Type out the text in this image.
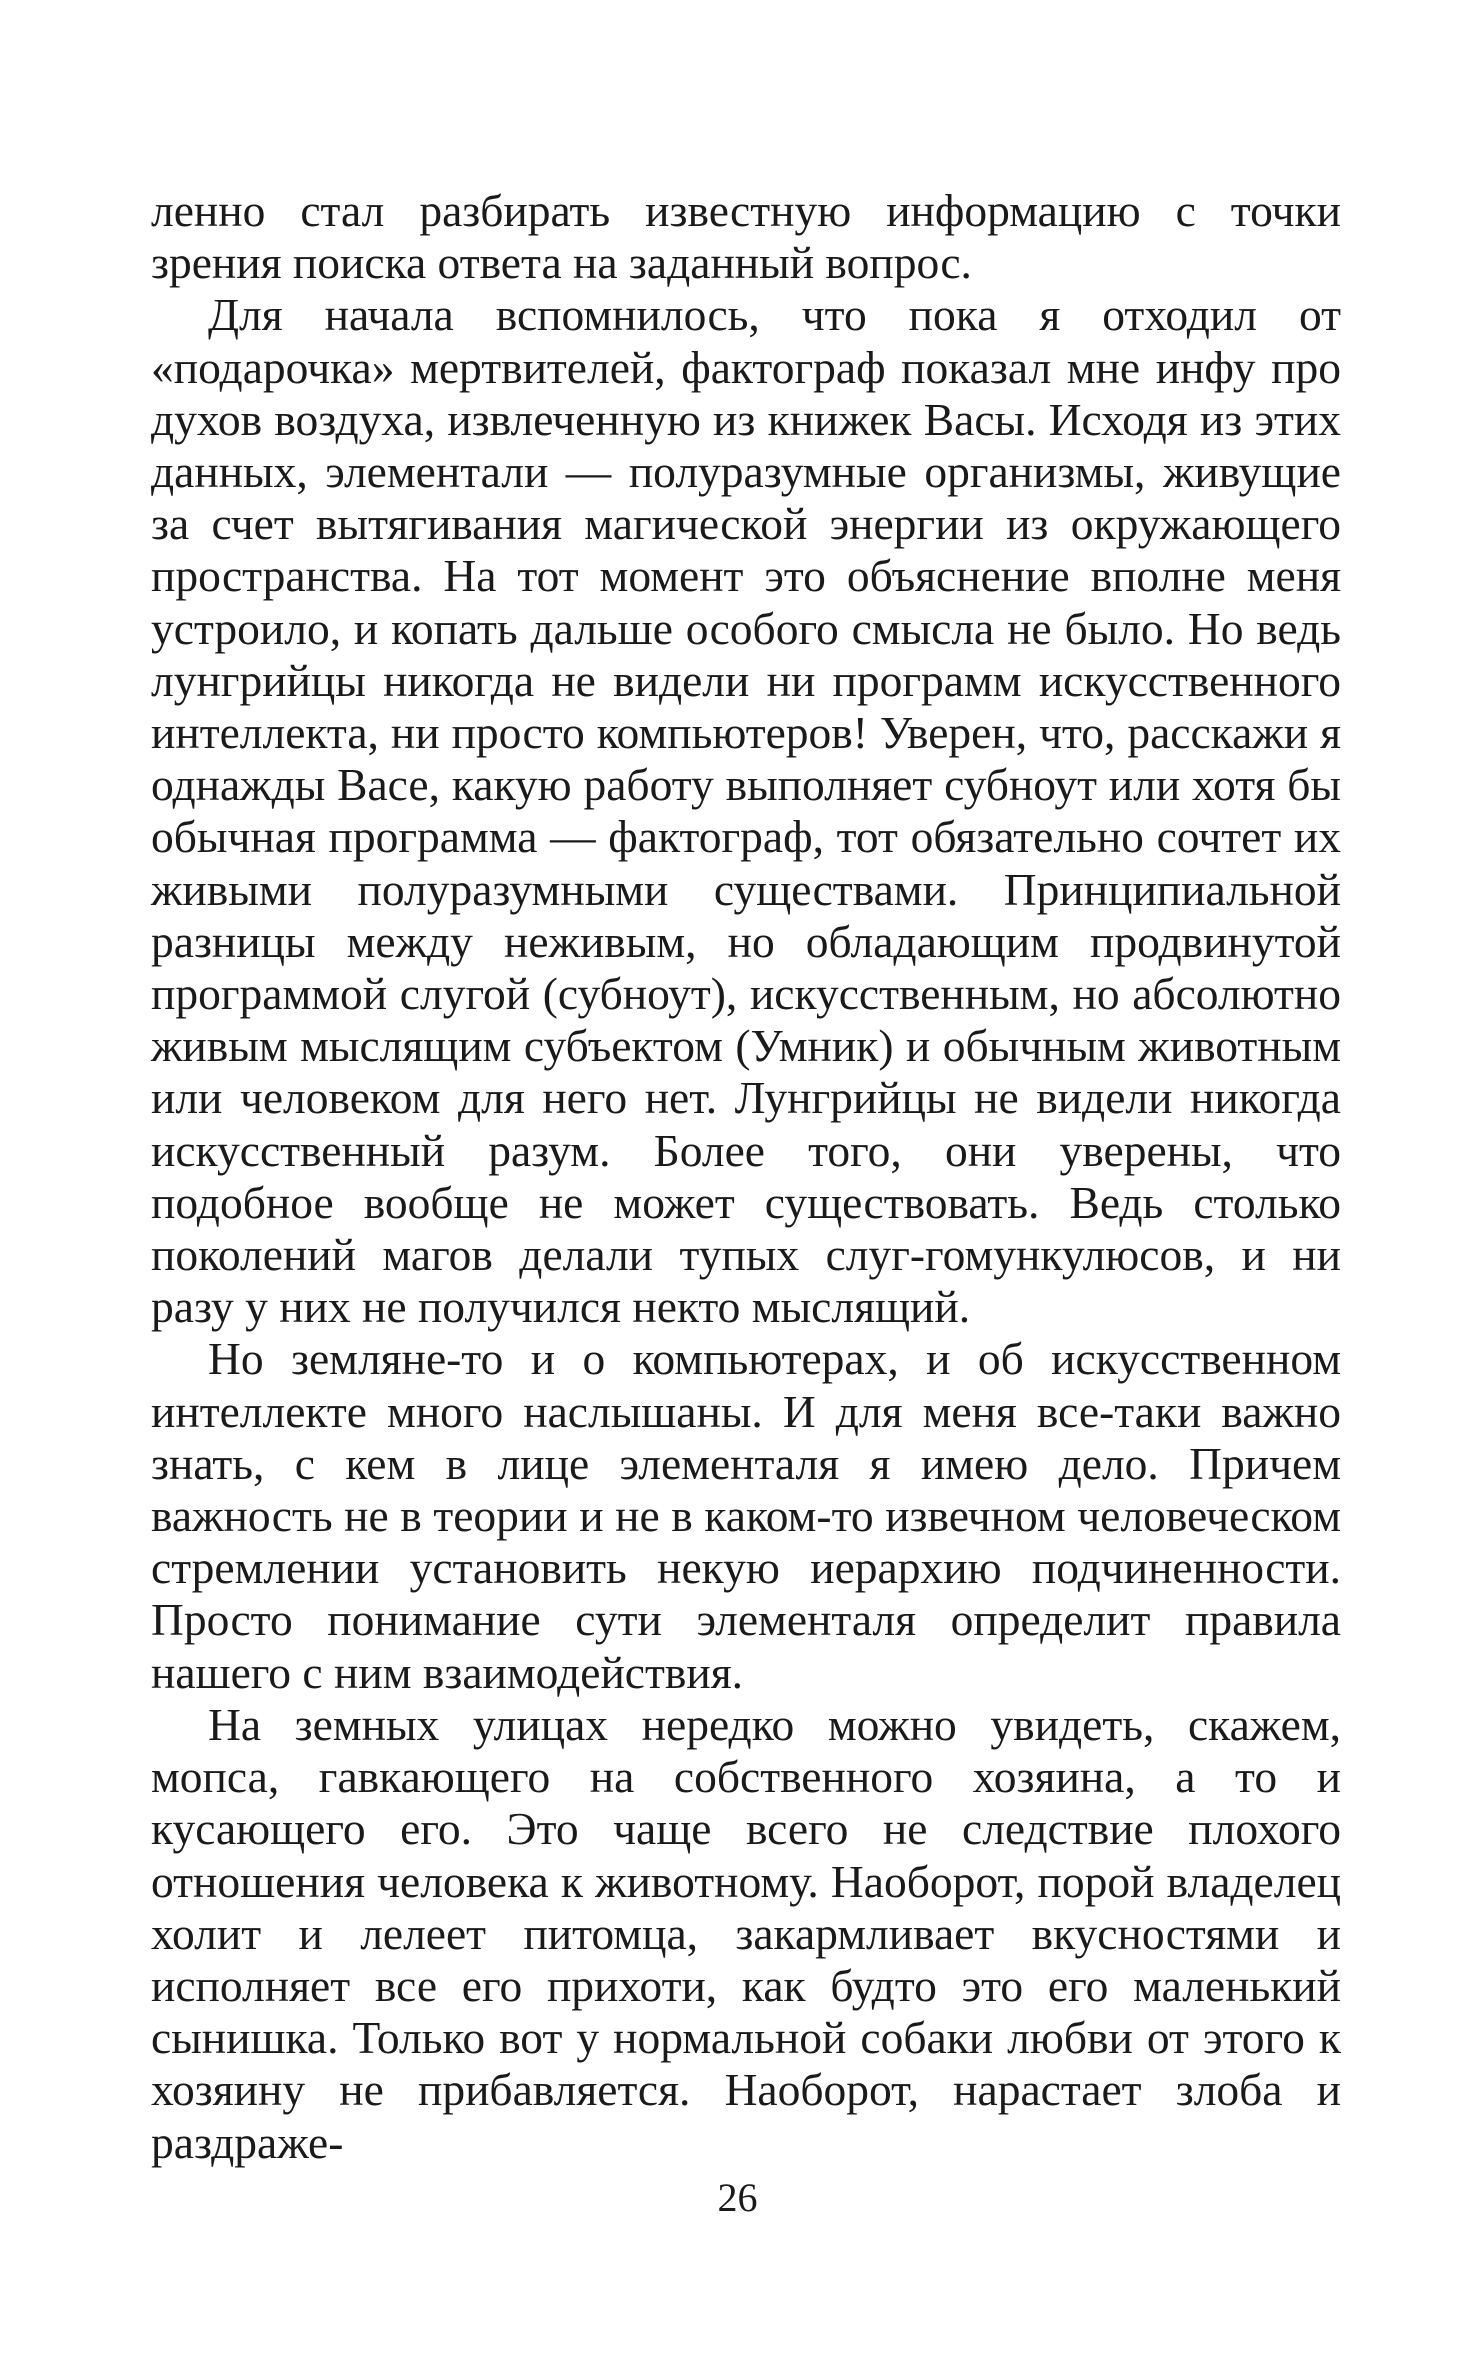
ленно стал разбирать известную информацию с точки зрения поиска ответа на заданный вопрос.

Для начала вспомнилось, что пока я отходил от «подарочка» мертвителей, фактограф показал мне инфу про духов воздуха, извлеченную из книжек Васы. Исходя из этих данных, элементали — полуразумные организмы, живущие за счет вытягивания магической энергии из окружающего пространства. На тот момент это объяснение вполне меня устроило, и копать дальше особого смысла не было. Но ведь лунгрийцы никогда не видели ни программ искусственного интеллекта, ни просто компьютеров! Уверен, что, расскажи я однажды Васе, какую работу выполняет субноут или хотя бы обычная программа — фактограф, тот обязательно сочтет их живыми полуразумными существами. Принципиальной разницы между неживым, но обладающим продвинутой программой слугой (субноут), искусственным, но абсолютно живым мыслящим субъектом (Умник) и обычным животным или человеком для него нет. Лунгрийцы не видели никогда искусственный разум. Более того, они уверены, что подобное вообще не может существовать. Ведь столько поколений магов делали тупых слуг-гомункулюсов, и ни разу у них не получился некто мыслящий.

Но земляне-то и о компьютерах, и об искусственном интеллекте много наслышаны. И для меня все-таки важно знать, с кем в лице элементаля я имею дело. Причем важность не в теории и не в каком-то извечном человеческом стремлении установить некую иерархию подчиненности. Просто понимание сути элементаля определит правила нашего с ним взаимодействия.

На земных улицах нередко можно увидеть, скажем, мопса, гавкающего на собственного хозяина, а то и кусающего его. Это чаще всего не следствие плохого отношения человека к животному. Наоборот, порой владелец холит и лелеет питомца, закармливает вкусностями и исполняет все его прихоти, как будто это его маленький сынишка. Только вот у нормальной собаки любви от этого к хозяину не прибавляется. Наоборот, нарастает злоба и раздраже-

26
